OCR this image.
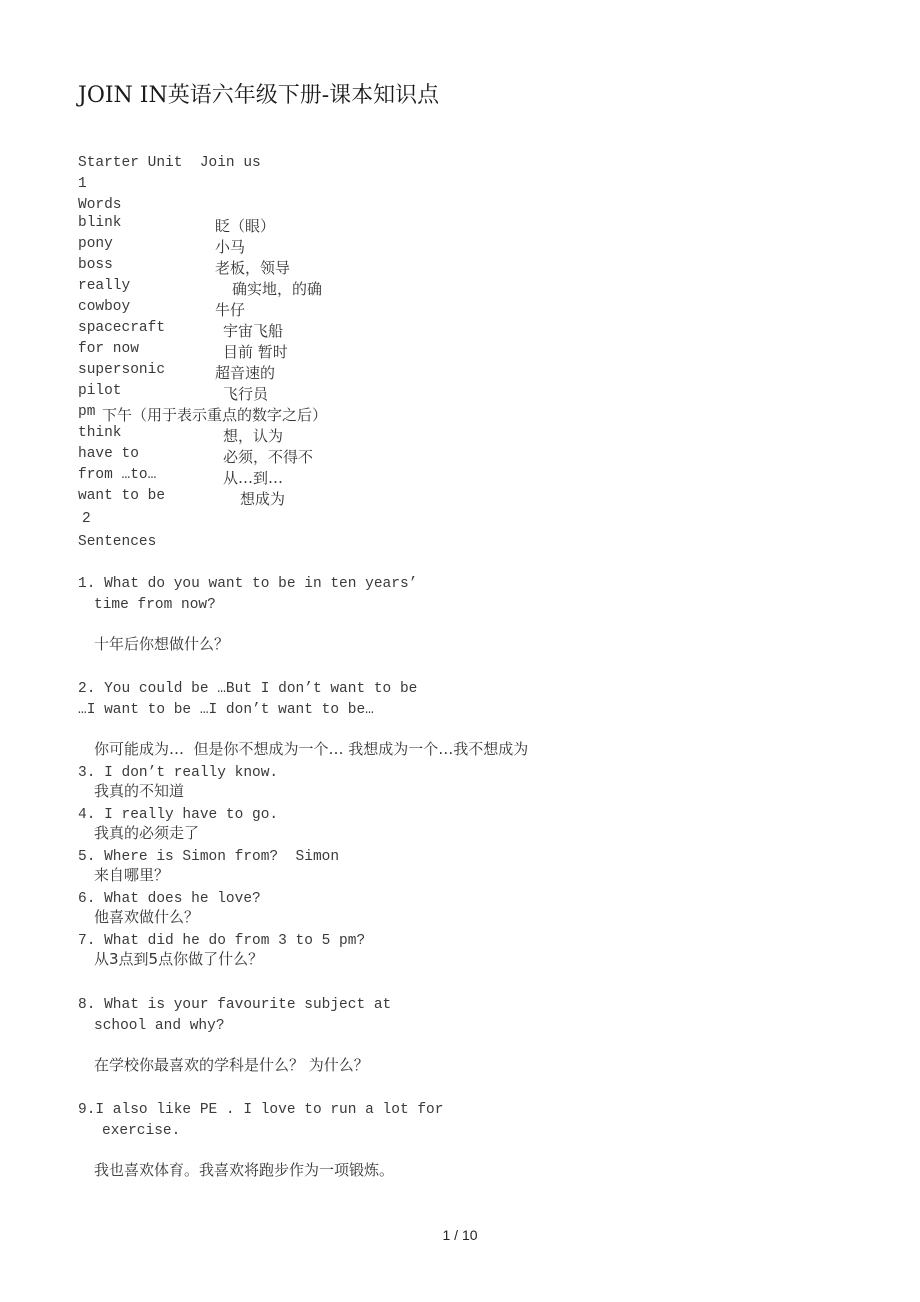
JOIN IN英语六年级下册-课本知识点
Starter Unit  Join us
1
Words
blink	眨（眼）
pony	小马
boss	老板，领导
really	确实地，的确
cowboy	牛仔
spacecraft	宇宙飞船
for now	目前 暂时
supersonic	超音速的
pilot	飞行员
pm 下午（用于表示重点的数字之后）
think	想，认为
have to	必须，不得不
from …to…	从…到…
want to be	想成为
2
Sentences
1. What do you want to be in ten years’
time from now?
十年后你想做什么？
2. You could be …But I don’t want to be
…I want to be …I don’t want to be…
你可能成为…  但是你不想成为一个… 我想成为一个…我不想成为
3. I don’t really know.
我真的不知道
4. I really have to go.
我真的必须走了
5. Where is Simon from?  Simon
来自哪里？
6. What does he love?
他喜欢做什么？
7. What did he do from 3 to 5 pm?
从3点到5点你做了什么？
8. What is your favourite subject at
school and why?
在学校你最喜欢的学科是什么？ 为什么？
9.I also like PE . I love to run a lot for
exercise.
我也喜欢体育。我喜欢将跑步作为一项锻炼。
1 / 10
